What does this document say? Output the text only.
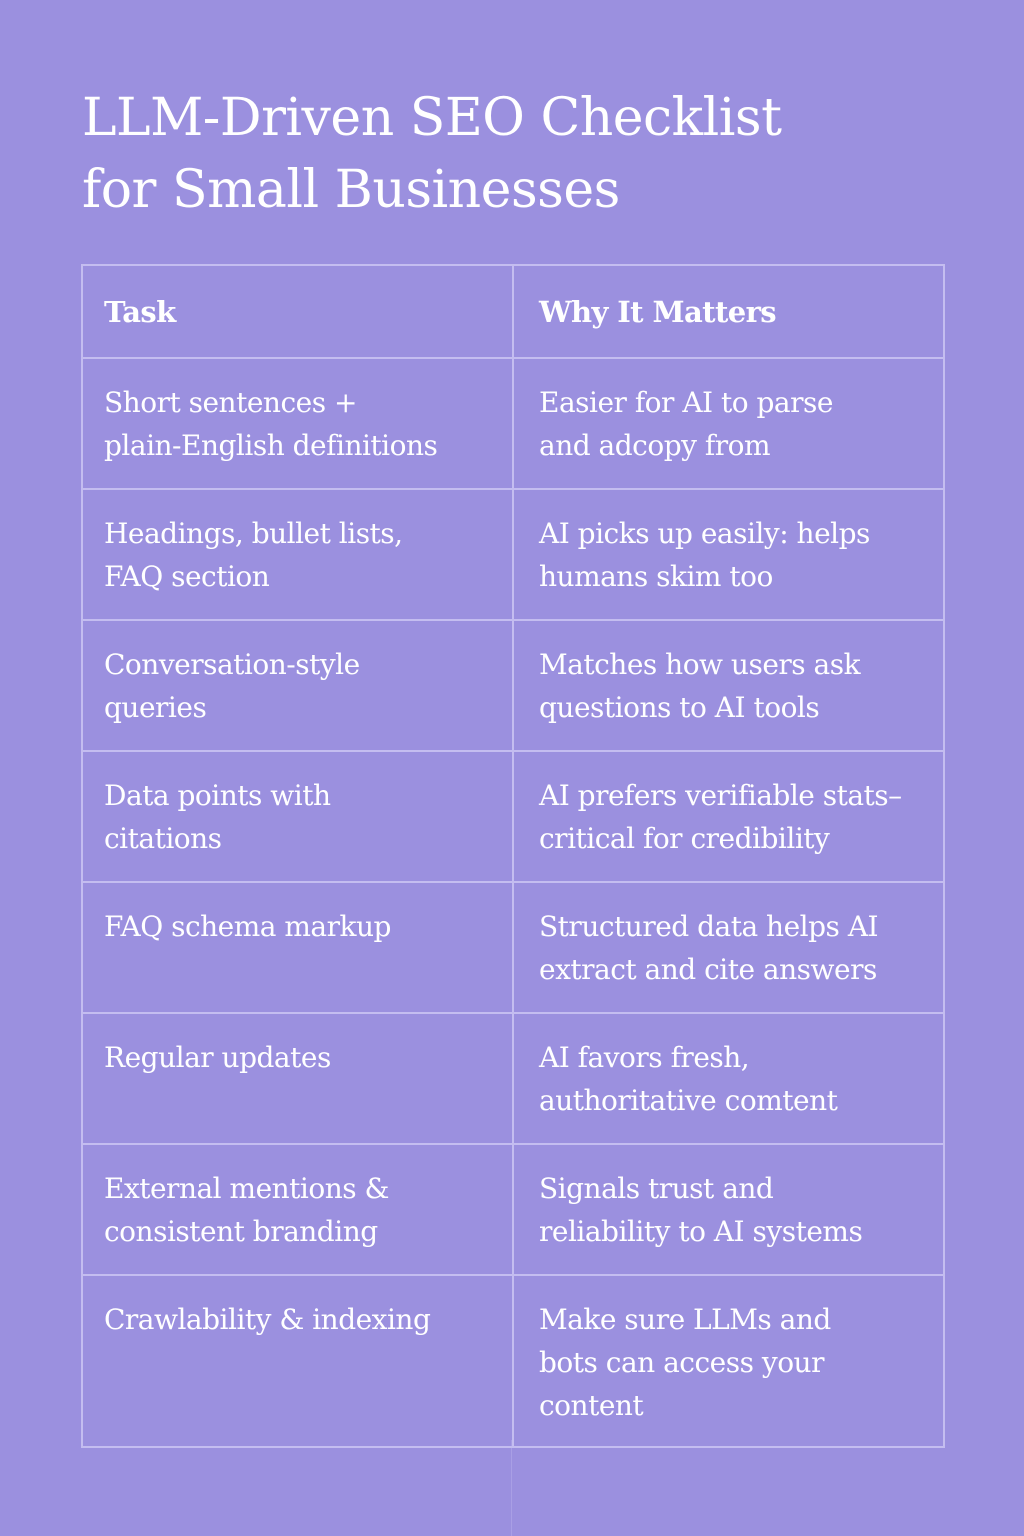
LLM-Driven SEO Checklist
for Small Businesses
Task	Why It Matters

Short sentences +
plain-English definitions	Easier for AI to parse
and adcopy from

Headings, bullet lists,
FAQ section	AI picks up easily: helps
humans skim too

Conversation-style
queries	Matches how users ask
questions to AI tools

Data points with
citations	AI prefers verifiable stats–
critical for credibility

FAQ schema markup	Structured data helps AI
extract and cite answers

Regular updates	AI favors fresh,
authoritative comtent

External mentions &
consistent branding	Signals trust and
reliability to AI systems

Crawlability & indexing	Make sure LLMs and
bots can access your
content
